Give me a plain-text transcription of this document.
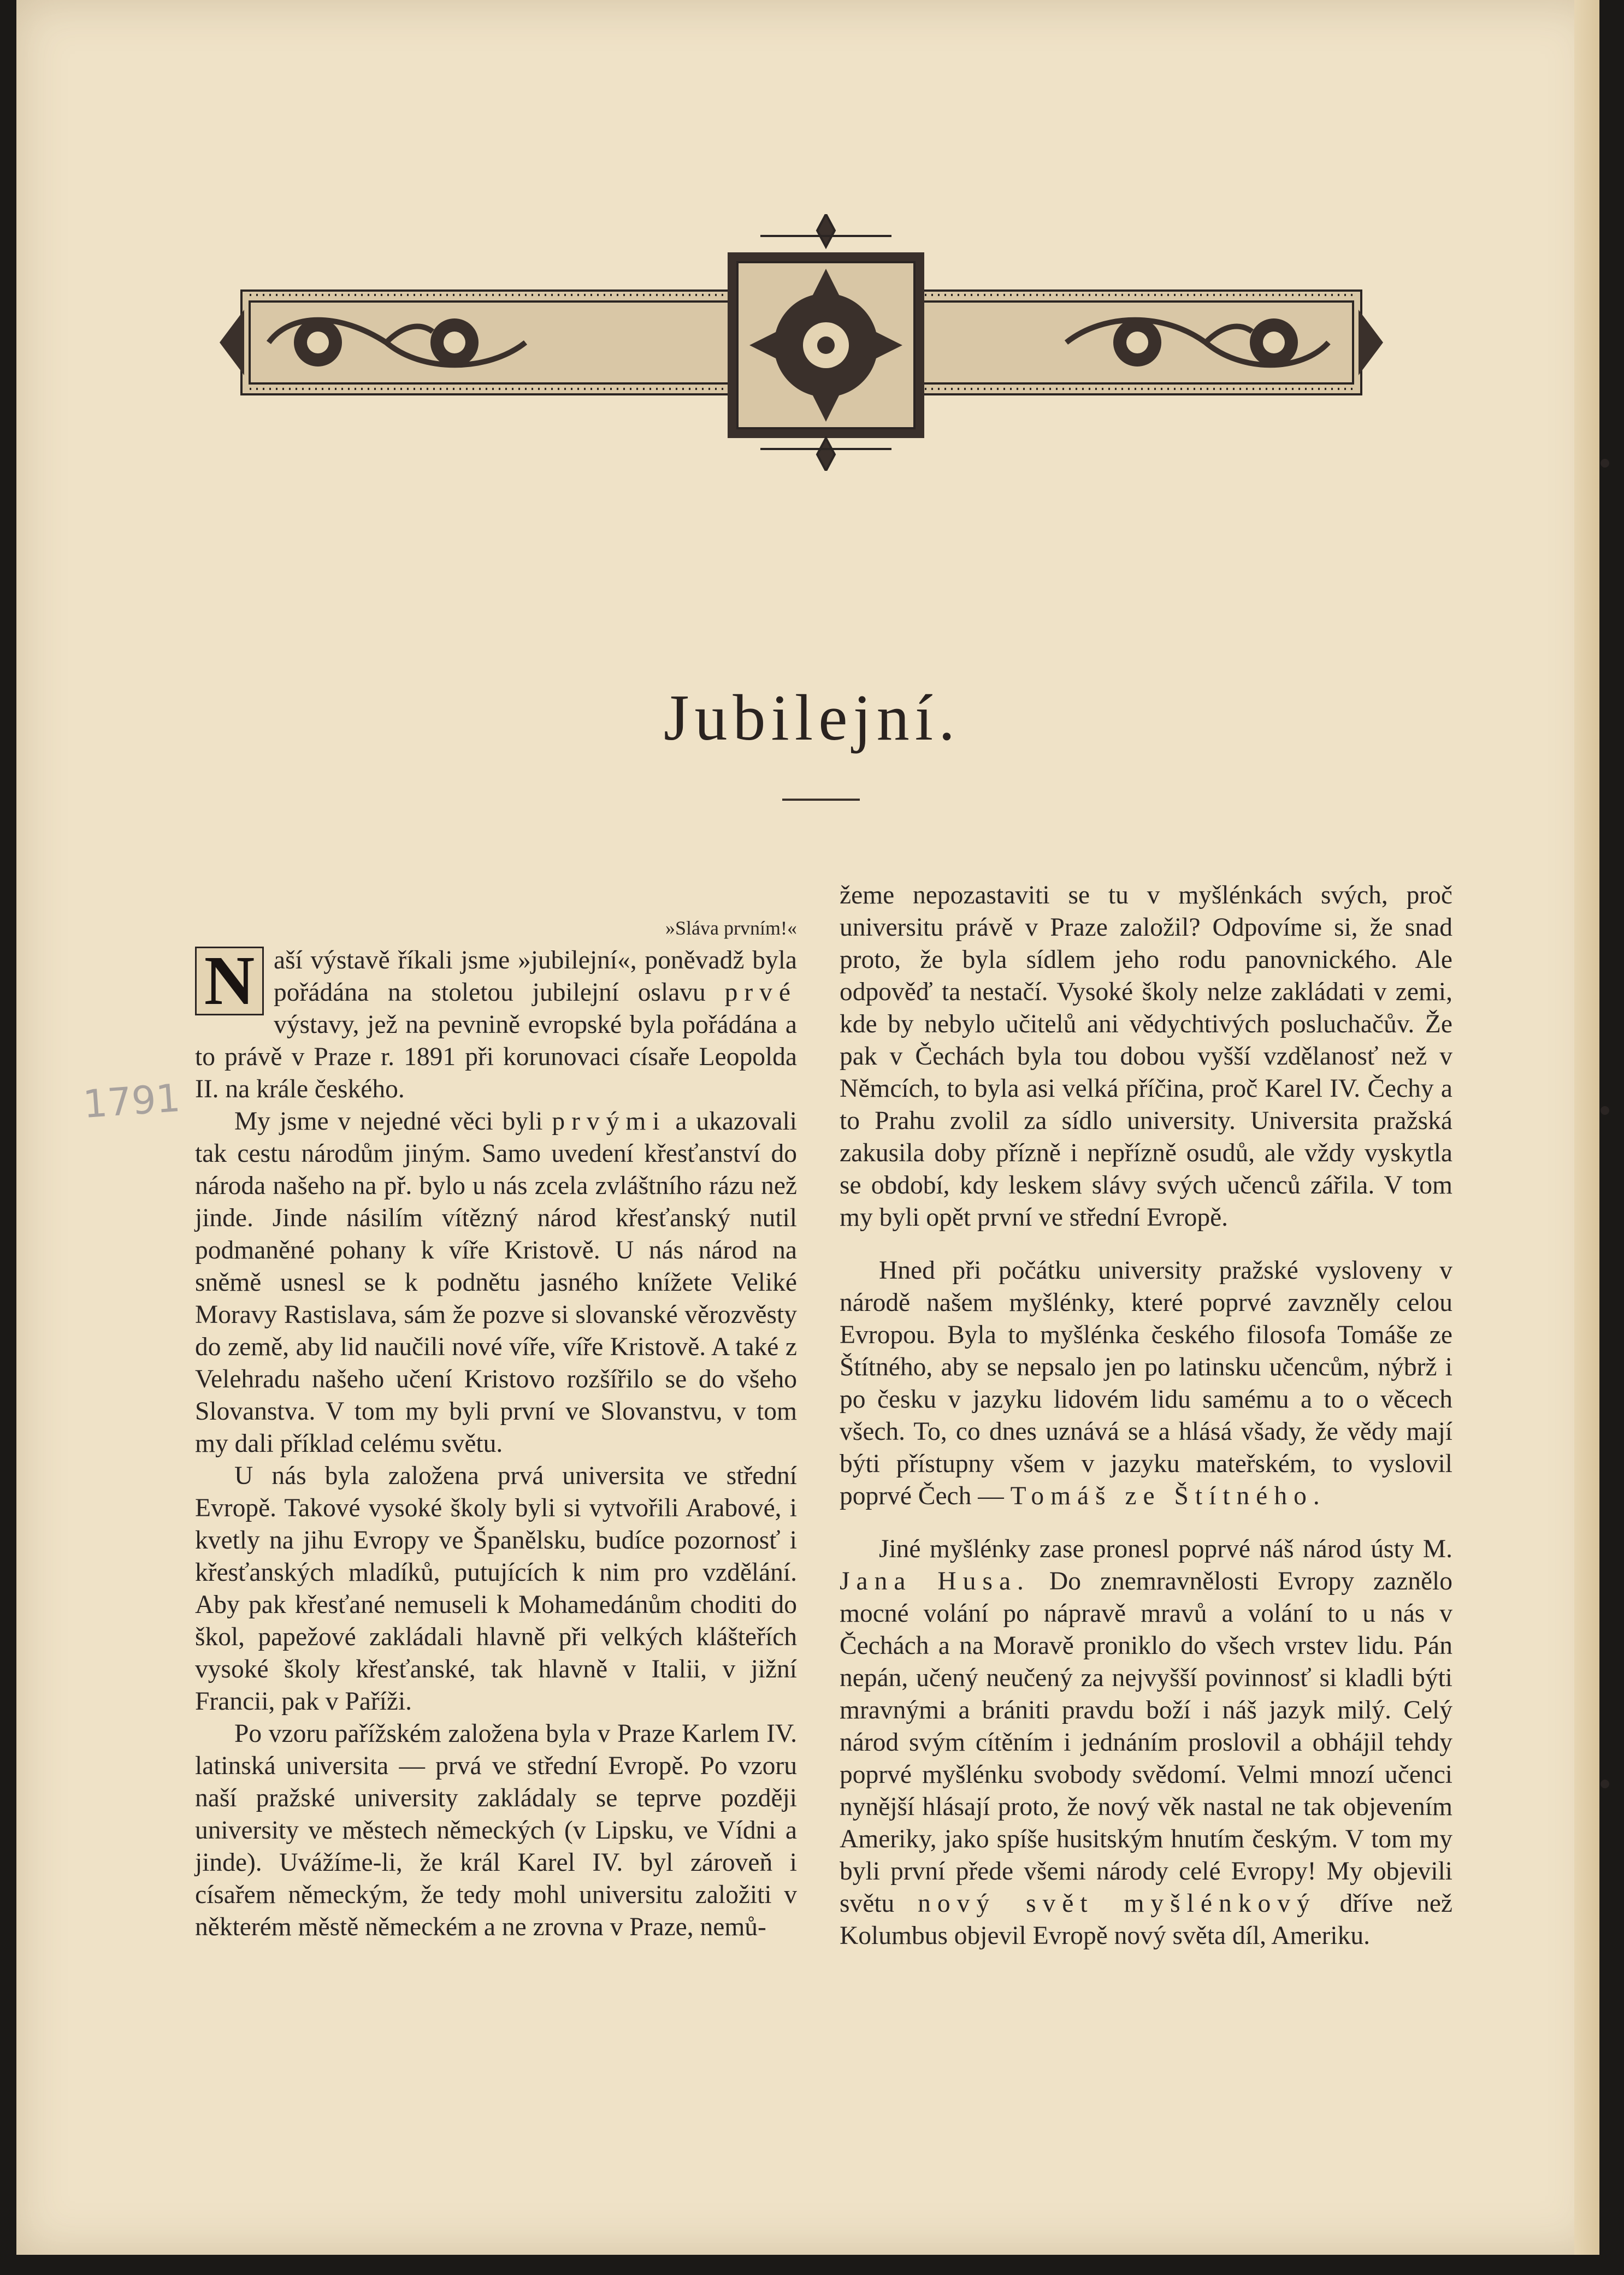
Jubilejní.
1791

»Sláva prvním!«

N aší výstavě říkali jsme »jubilejní«, poněvadž byla pořádána na stoletou jubilejní oslavu prvé výstavy, jež na pevnině evropské byla pořádána a to právě v Praze r. 1891 při korunovaci císaře Leopolda II. na krále českého.

My jsme v nejedné věci byli prvými a ukazovali tak cestu národům jiným. Samo uvedení křesťanství do národa našeho na př. bylo u nás zcela zvláštního rázu než jinde. Jinde násilím vítězný národ křesťanský nutil podmaněné pohany k víře Kristově. U nás národ na sněmě usnesl se k podnětu jasného knížete Veliké Moravy Rastislava, sám že pozve si slovanské věrozvěsty do země, aby lid naučili nové víře, víře Kristově. A také z Velehradu našeho učení Kristovo rozšířilo se do všeho Slovanstva. V tom my byli první ve Slovanstvu, v tom my dali příklad celému světu.

U nás byla založena prvá universita ve střední Evropě. Takové vysoké školy byli si vytvořili Arabové, i kvetly na jihu Evropy ve Španělsku, budíce pozornosť i křesťanských mladíků, putujících k nim pro vzdělání. Aby pak křesťané nemuseli k Mohamedánům choditi do škol, papežové zakládali hlavně při velkých klášteřích vysoké školy křesťanské, tak hlavně v Italii, v jižní Francii, pak v Paříži.

Po vzoru pařížském založena byla v Praze Karlem IV. latinská universita — prvá ve střední Evropě. Po vzoru naší pražské university zakládaly se teprve později university ve městech německých (v Lipsku, ve Vídni a jinde). Uvážíme-li, že král Karel IV. byl zároveň i císařem německým, že tedy mohl universitu založiti v některém městě německém a ne zrovna v Praze, nemů-

žeme nepozastaviti se tu v myšlénkách svých, proč universitu právě v Praze založil? Odpovíme si, že snad proto, že byla sídlem jeho rodu panovnického. Ale odpověď ta nestačí. Vysoké školy nelze zakládati v zemi, kde by nebylo učitelů ani vědychtivých posluchačův. Že pak v Čechách byla tou dobou vyšší vzdělanosť než v Němcích, to byla asi velká příčina, proč Karel IV. Čechy a to Prahu zvolil za sídlo university. Universita pražská zakusila doby přízně i nepřízně osudů, ale vždy vyskytla se období, kdy leskem slávy svých učenců zářila. V tom my byli opět první ve střední Evropě.

Hned při počátku university pražské vysloveny v národě našem myšlénky, které poprvé zavzněly celou Evropou. Byla to myšlénka českého filosofa Tomáše ze Štítného, aby se nepsalo jen po latinsku učencům, nýbrž i po česku v jazyku lidovém lidu samému a to o věcech všech. To, co dnes uznává se a hlásá všady, že vědy mají býti přístupny všem v jazyku mateřském, to vyslovil poprvé Čech — Tomáš ze Štítného.

Jiné myšlénky zase pronesl poprvé náš národ ústy M. Jana Husa. Do znemravnělosti Evropy zaznělo mocné volání po nápravě mravů a volání to u nás v Čechách a na Moravě proniklo do všech vrstev lidu. Pán nepán, učený neučený za nejvyšší povinnosť si kladli býti mravnými a brániti pravdu boží i náš jazyk milý. Celý národ svým cítěním i jednáním proslovil a obhájil tehdy poprvé myšlénku svobody svědomí. Velmi mnozí učenci nynější hlásají proto, že nový věk nastal ne tak objevením Ameriky, jako spíše husitským hnutím českým. V tom my byli první přede všemi národy celé Evropy! My objevili světu nový svět myšlénkový dříve než Kolumbus objevil Evropě nový světa díl, Ameriku.
